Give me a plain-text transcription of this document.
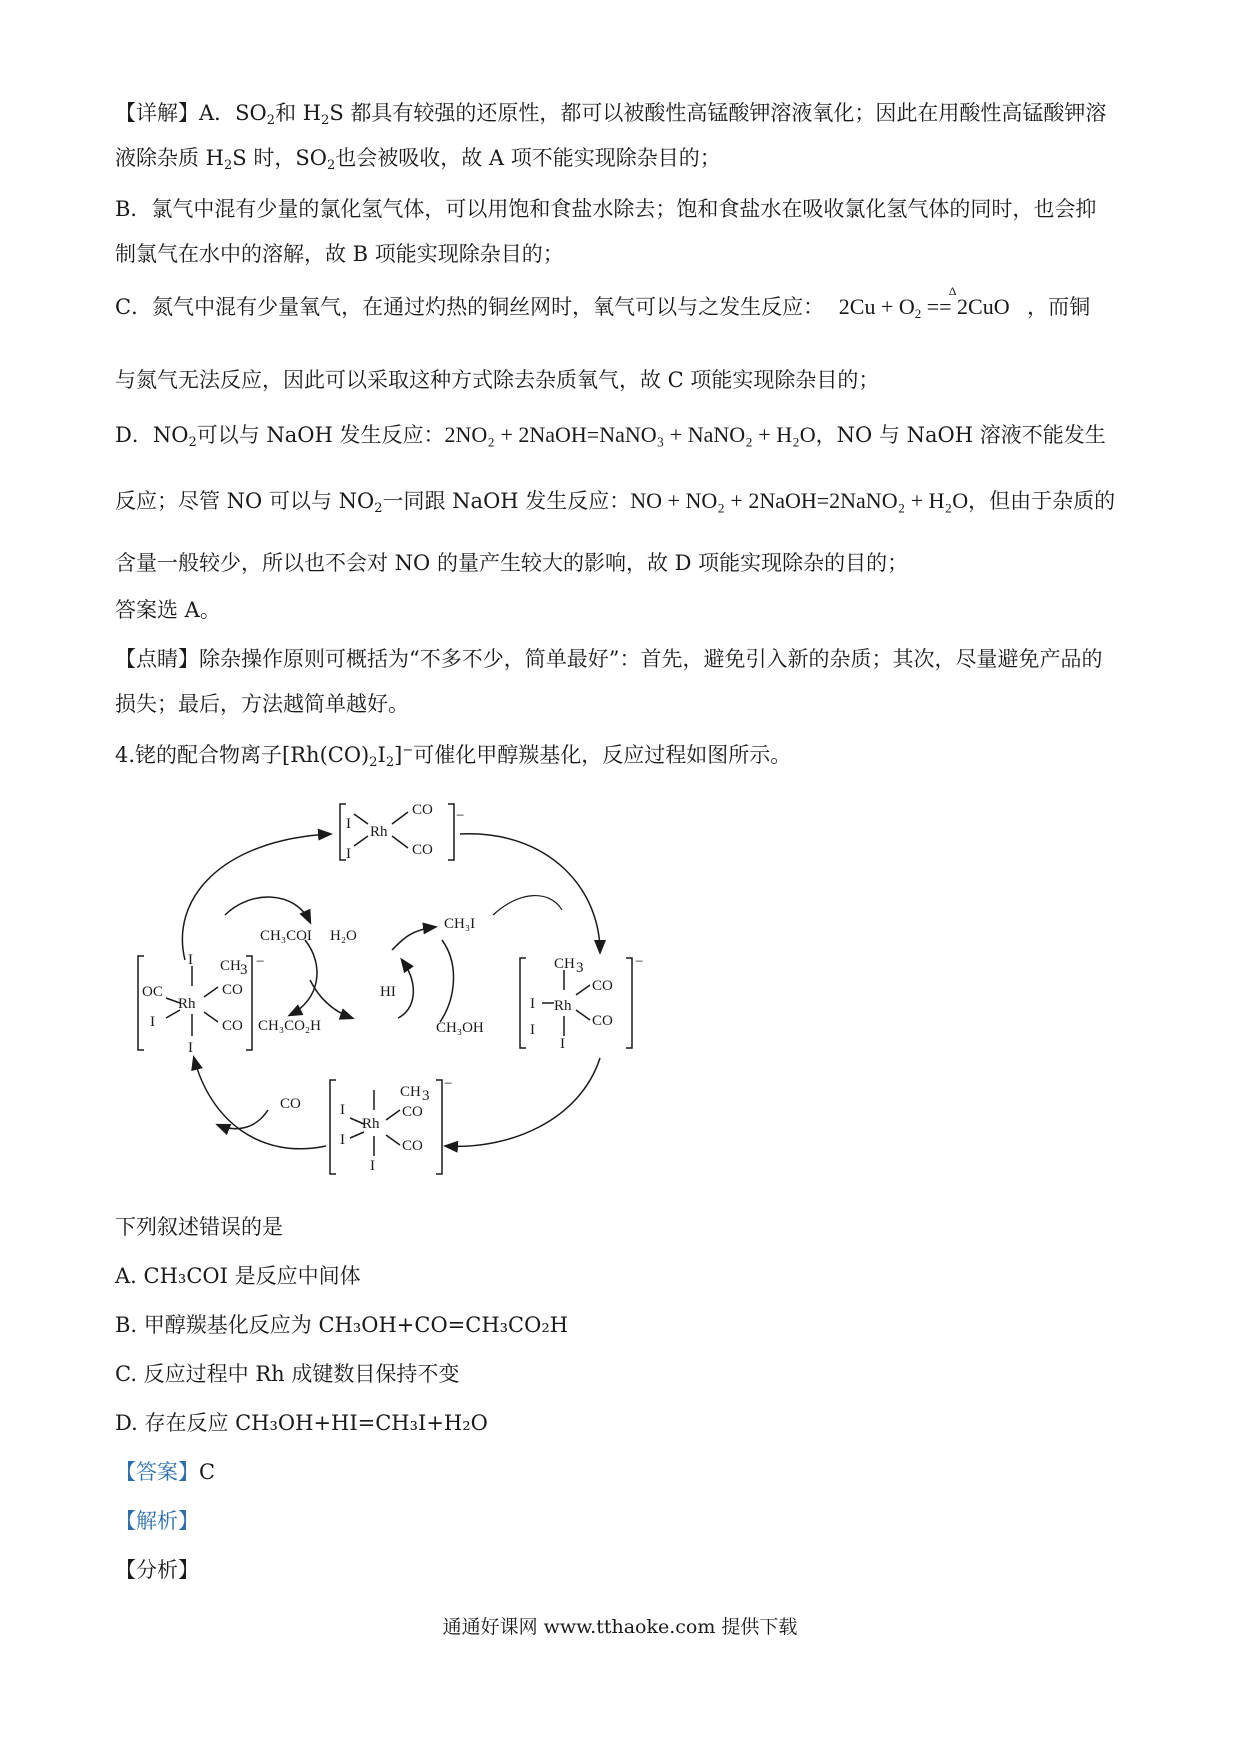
【详解】A．$SO_2$和 $H_2S$ 都具有较强的还原性，都可以被酸性高锰酸钾溶液氧化；因此在用酸性高锰酸钾溶
液除杂质 $H_2S$ 时，$SO_2$也会被吸收，故 A 项不能实现除杂目的；
B．氯气中混有少量的氯化氢气体，可以用饱和食盐水除去；饱和食盐水在吸收氯化氢气体的同时，也会抑
制氯气在水中的溶解，故 B 项能实现除杂目的；
C．氮气中混有少量氧气，在通过灼热的铜丝网时，氧气可以与之发生反应： $2Cu + O_2 == 2CuO$
Δ
，而铜
与氮气无法反应，因此可以采取这种方式除去杂质氧气，故 C 项能实现除杂目的；
D．$NO_2$可以与 NaOH 发生反应：2NO₂ + 2NaOH=NaNO₃ + NaNO₂ + H₂O，NO 与 NaOH 溶液不能发生
反应；尽管 NO 可以与 $NO_2$一同跟 NaOH 发生反应：NO + NO₂ + 2NaOH=2NaNO₂ + H₂O，但由于杂质的
含量一般较少，所以也不会对 NO 的量产生较大的影响，故 D 项能实现除杂的目的；
答案选 A。
【点睛】除杂操作原则可概括为“不多不少，简单最好”：首先，避免引入新的杂质；其次，尽量避免产品的
损失；最后，方法越简单越好。
4.铑的配合物离子$[Rh(CO)_2I_2]^-$可催化甲醇羰基化，反应过程如图所示。
I
I
Rh
CO
CO
−
CH 3
I Rh
I
I
CO
CO
−
CH 3
I
Rh
I
I
CO
CO
−
I CH 3
OC
Rh
CO
I	CO
I
−
CH₃COI H₂O
HI
CH₃CO₂H
CH₃I
CH₃OH
CO
下列叙述错误的是
A. CH₃COI 是反应中间体
B. 甲醇羰基化反应为 CH₃OH+CO=CH₃CO₂H
C. 反应过程中 Rh 成键数目保持不变
D. 存在反应 CH₃OH+HI=CH₃I+H₂O
【答案】C
【解析】
【分析】
通通好课网 www.tthaoke.com 提供下载
